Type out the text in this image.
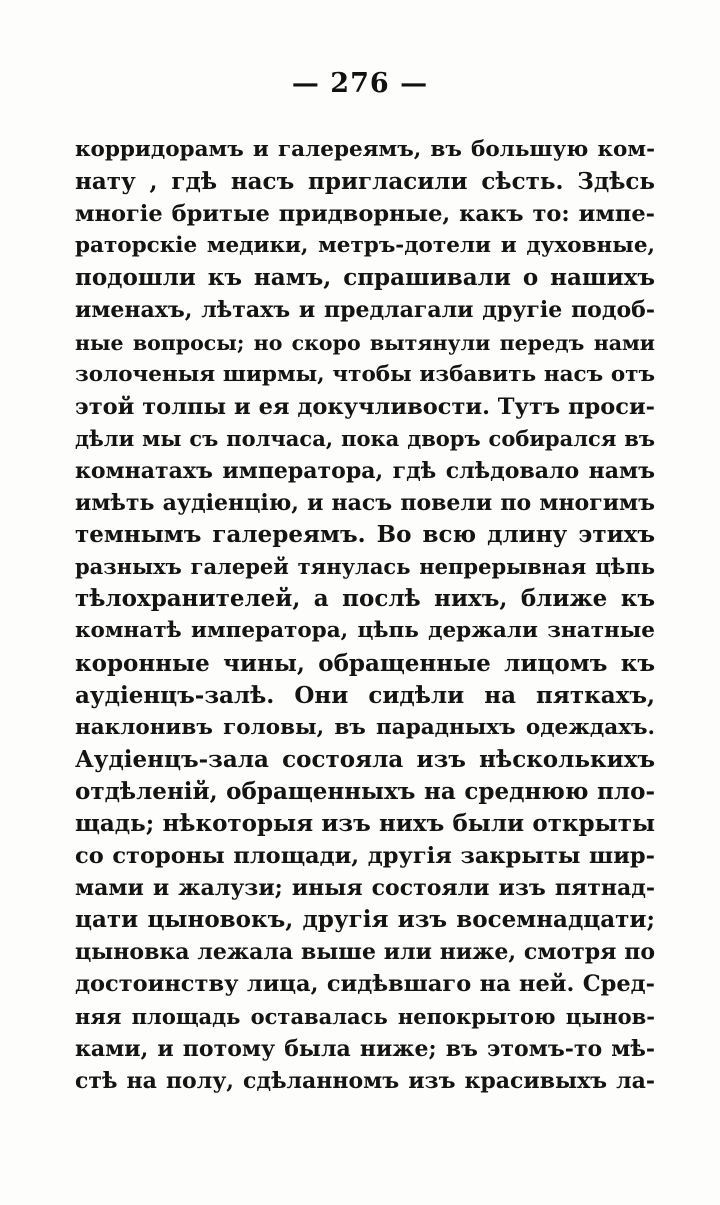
— 276 —
корридорамъ и галереямъ, въ большую ком-
нату , гдѣ насъ пригласили сѣсть. Здѣсь
многіе бритые придворные, какъ то: импе-
раторскіе медики, метръ-дотели и духовные,
подошли къ намъ, спрашивали о нашихъ
именахъ, лѣтахъ и предлагали другіе подоб-
ные вопросы; но скоро вытянули передъ нами
золоченыя ширмы, чтобы избавить насъ отъ
этой толпы и ея докучливости. Тутъ проси-
дѣли мы съ полчаса, пока дворъ собирался въ
комнатахъ императора, гдѣ слѣдовало намъ
имѣть аудіенцію, и насъ повели по многимъ
темнымъ галереямъ. Во всю длину этихъ
разныхъ галерей тянулась непрерывная цѣпь
тѣлохранителей, а послѣ нихъ, ближе къ
комнатѣ императора, цѣпь держали знатные
коронные чины, обращенные лицомъ къ
аудіенцъ-залѣ. Они сидѣли на пяткахъ,
наклонивъ головы, въ парадныхъ одеждахъ.
Аудіенцъ-зала состояла изъ нѣсколькихъ
отдѣленій, обращенныхъ на среднюю пло-
щадь; нѣкоторыя изъ нихъ были открыты
со стороны площади, другія закрыты шир-
мами и жалузи; иныя состояли изъ пятнад-
цати цыновокъ, другія изъ восемнадцати;
цыновка лежала выше или ниже, смотря по
достоинству лица, сидѣвшаго на ней. Сред-
няя площадь оставалась непокрытою цынов-
ками, и потому была ниже; въ этомъ-то мѣ-
стѣ на полу, сдѣланномъ изъ красивыхъ ла-
